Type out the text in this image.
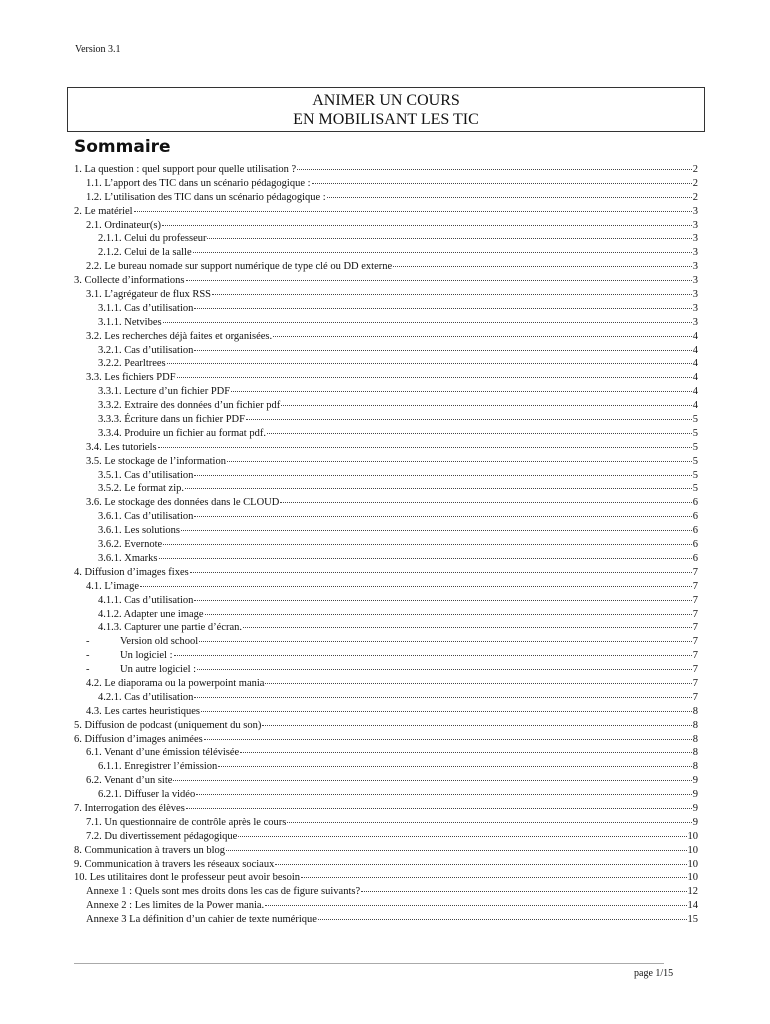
Version 3.1
ANIMER UN COURS
EN MOBILISANT LES TIC
Sommaire
1. La question : quel support pour quelle utilisation ?	2
1.1. L’apport des TIC dans un scénario pédagogique :	2
1.2. L’utilisation des TIC dans un scénario pédagogique :	2
2. Le matériel	3
2.1. Ordinateur(s)	3
2.1.1. Celui du professeur	3
2.1.2. Celui de la salle	3
2.2. Le bureau nomade sur support numérique de type clé ou DD externe	3
3. Collecte d’informations	3
3.1. L’agrégateur de flux RSS	3
3.1.1. Cas d’utilisation	3
3.1.1. Netvibes	3
3.2. Les recherches déjà faites et organisées.	4
3.2.1. Cas d’utilisation	4
3.2.2. Pearltrees	4
3.3. Les fichiers PDF	4
3.3.1. Lecture d’un fichier PDF	4
3.3.2. Extraire des données d’un fichier pdf	4
3.3.3. Écriture dans un fichier PDF	5
3.3.4. Produire un fichier au format pdf.	5
3.4. Les tutoriels	5
3.5. Le stockage de l’information	5
3.5.1. Cas d’utilisation	5
3.5.2. Le format zip.	5
3.6. Le stockage des données dans le CLOUD	6
3.6.1. Cas d’utilisation	6
3.6.1. Les solutions	6
3.6.2. Evernote	6
3.6.1. Xmarks	6
4. Diffusion d’images fixes	7
4.1. L’image	7
4.1.1. Cas d’utilisation	7
4.1.2. Adapter une image	7
4.1.3. Capturer une partie d’écran.	7
-	Version old school	7
-	Un logiciel :	7
-	Un autre logiciel :	7
4.2. Le diaporama ou la powerpoint mania	7
4.2.1. Cas d’utilisation	7
4.3. Les cartes heuristiques	8
5. Diffusion de podcast (uniquement du son)	8
6. Diffusion d’images animées	8
6.1. Venant d’une émission télévisée	8
6.1.1. Enregistrer l’émission	8
6.2. Venant d’un site	9
6.2.1. Diffuser la vidéo	9
7. Interrogation des élèves	9
7.1. Un questionnaire de contrôle après le cours	9
7.2. Du divertissement pédagogique	10
8. Communication à travers un blog	10
9. Communication à travers les réseaux sociaux	10
10. Les utilitaires dont le professeur peut avoir besoin	10
Annexe 1 : Quels sont mes droits dons les cas de figure suivants?	12
Annexe 2 : Les limites de la Power mania.	14
Annexe 3 La définition d’un cahier de texte numérique	15
page 1/15
